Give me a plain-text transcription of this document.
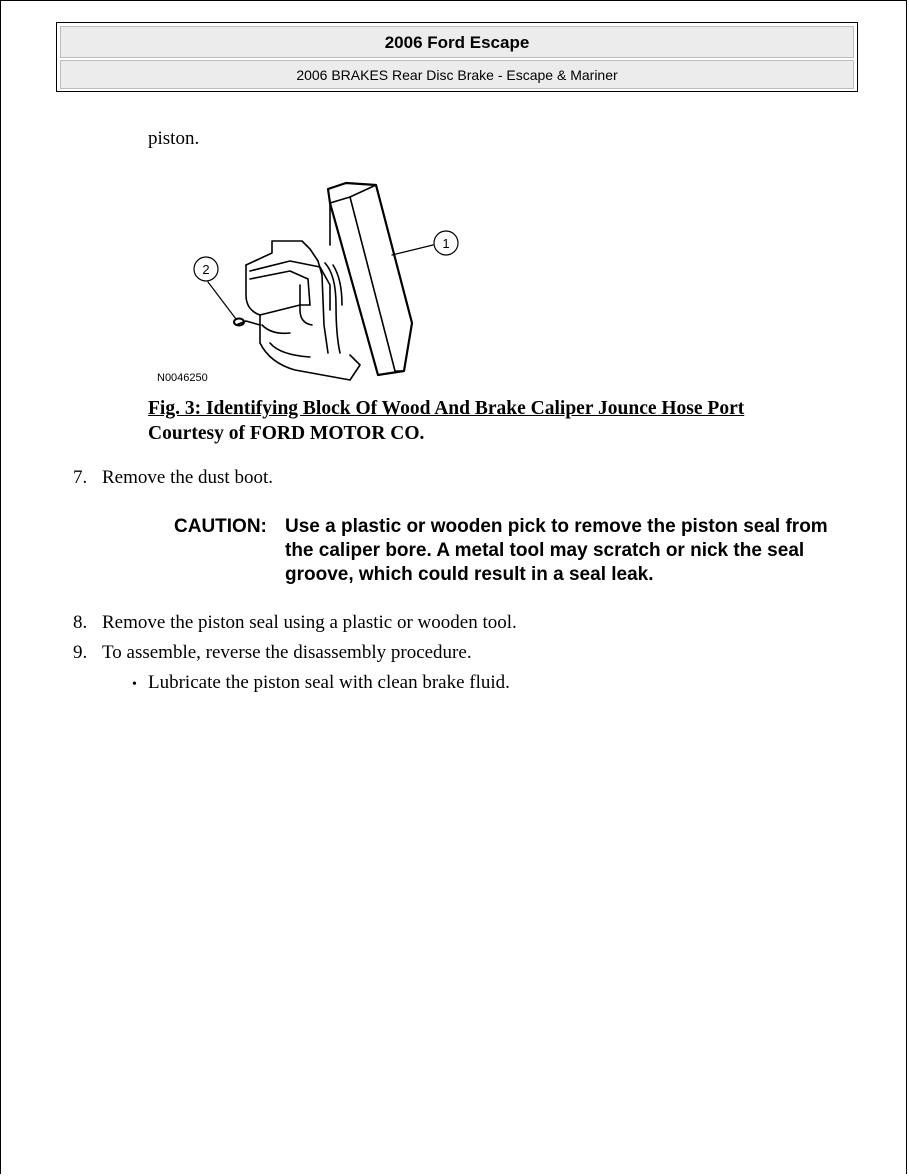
2006 Ford Escape
2006 BRAKES Rear Disc Brake - Escape & Mariner
piston.
1
2
N0046250
Fig. 3: Identifying Block Of Wood And Brake Caliper Jounce Hose Port
Courtesy of FORD MOTOR CO.
7. Remove the dust boot.
CAUTION: Use a plastic or wooden pick to remove the piston seal from the caliper bore. A metal tool may scratch or nick the seal groove, which could result in a seal leak.
8. Remove the piston seal using a plastic or wooden tool.
9. To assemble, reverse the disassembly procedure.
• Lubricate the piston seal with clean brake fluid.
